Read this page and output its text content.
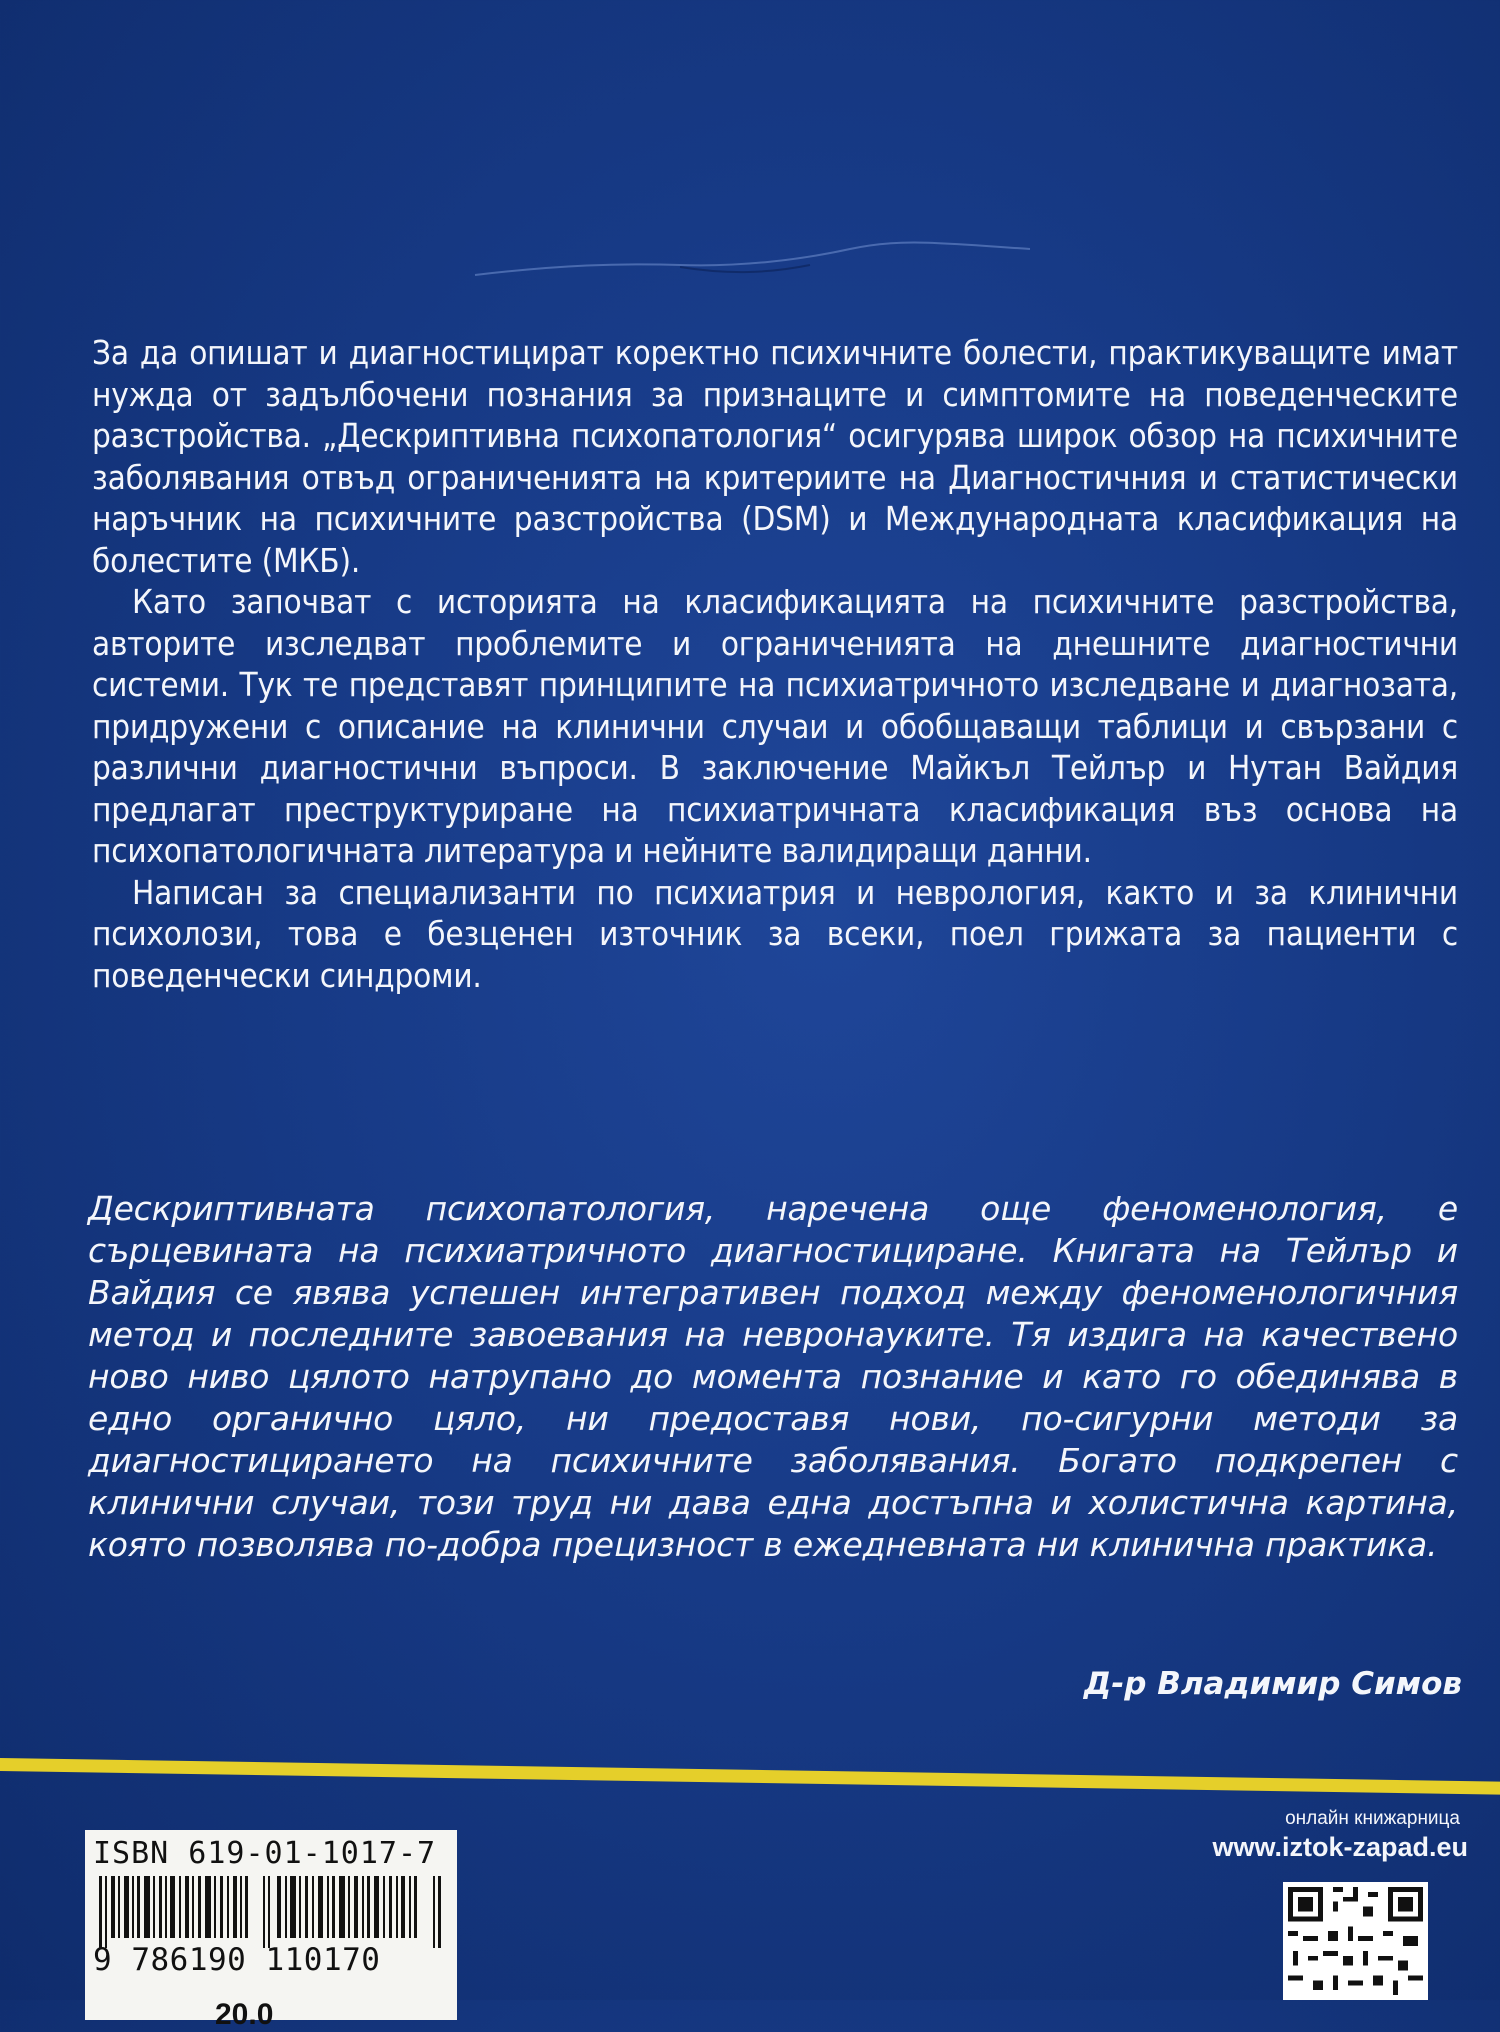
За да опишат и диагностицират коректно психичните болести, практикуващите имат нужда от задълбочени познания за признаците и симптомите на поведенческите разстройства. „Дескриптивна психопатология“ осигурява широк обзор на психичните заболявания отвъд ограниченията на критериите на Диагностичния и статистически наръчник на психичните разстройства (DSM) и Международната класификация на болестите (МКБ).

Като започват с историята на класификацията на психичните разстройства, авторите изследват проблемите и ограниченията на днешните диагностични системи. Тук те представят принципите на психиатричното изследване и диагнозата, придружени с описание на клинични случаи и обобщаващи таблици и свързани с различни диагностични въпроси. В заключение Майкъл Тейлър и Нутан Вайдия предлагат преструктуриране на психиатричната класификация въз основа на психопатологичната литература и нейните валидиращи данни.

Написан за специализанти по психиатрия и неврология, както и за клинични психолози, това е безценен източник за всеки, поел грижата за пациенти с поведенчески синдроми.

Дескриптивната психопатология, наречена още феноменология, е сърцевината на психиатричното диагностициране. Книгата на Тейлър и Вайдия се явява успешен интегративен подход между феноменологичния метод и последните завоевания на невронауките. Тя издига на качествено ново ниво цялото натрупано до момента познание и като го обединява в едно органично цяло, ни предоставя нови, по-сигурни методи за диагностицирането на психичните заболявания. Богато подкрепен с клинични случаи, този труд ни дава една достъпна и холистична картина, която позволява по-добра прецизност в ежедневната ни клинична практика.

Д-р Владимир Симов

ISBN 619-01-1017-7
9 786190 110170
20.0

онлайн книжарница

www.iztok-zapad.eu
